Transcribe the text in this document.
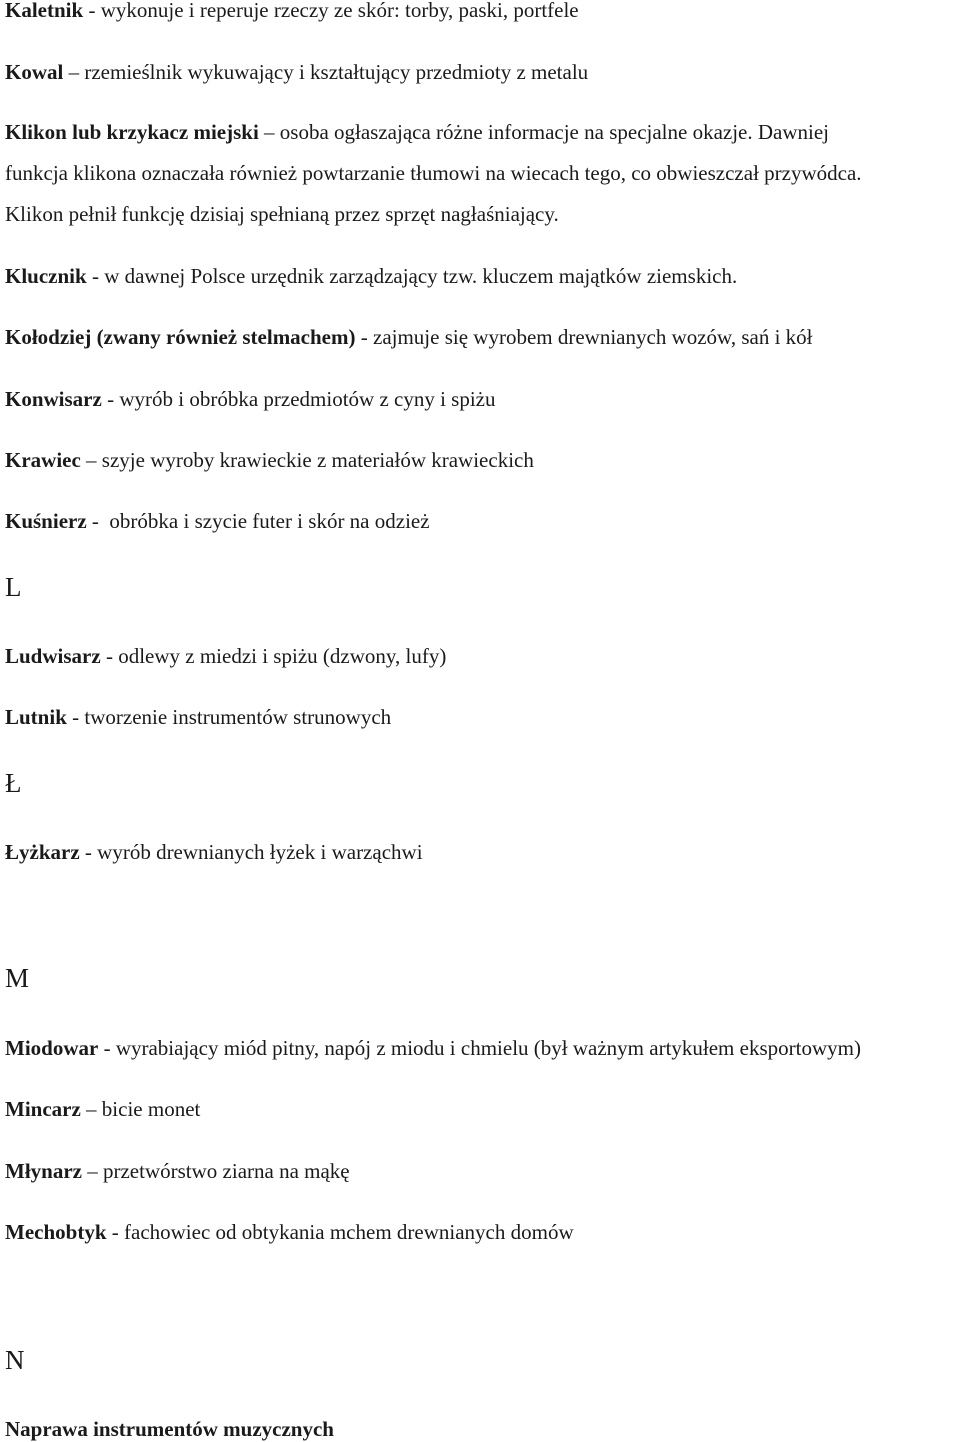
Kaletnik - wykonuje i reperuje rzeczy ze skór: torby, paski, portfele
Kowal – rzemieślnik wykuwający i kształtujący przedmioty z metalu
Klikon lub krzykacz miejski – osoba ogłaszająca różne informacje na specjalne okazje. Dawniej
funkcja klikona oznaczała również powtarzanie tłumowi na wiecach tego, co obwieszczał przywódca.
Klikon pełnił funkcję dzisiaj spełnianą przez sprzęt nagłaśniający.
Klucznik - w dawnej Polsce urzędnik zarządzający tzw. kluczem majątków ziemskich.
Kołodziej (zwany również stelmachem) - zajmuje się wyrobem drewnianych wozów, sań i kół
Konwisarz - wyrób i obróbka przedmiotów z cyny i spiżu
Krawiec – szyje wyroby krawieckie z materiałów krawieckich
Kuśnierz -  obróbka i szycie futer i skór na odzież
L
Ludwisarz - odlewy z miedzi i spiżu (dzwony, lufy)
Lutnik - tworzenie instrumentów strunowych
Ł
Łyżkarz - wyrób drewnianych łyżek i warząchwi
M
Miodowar - wyrabiający miód pitny, napój z miodu i chmielu (był ważnym artykułem eksportowym)
Mincarz – bicie monet
Młynarz – przetwórstwo ziarna na mąkę
Mechobtyk - fachowiec od obtykania mchem drewnianych domów
N
Naprawa instrumentów muzycznych
